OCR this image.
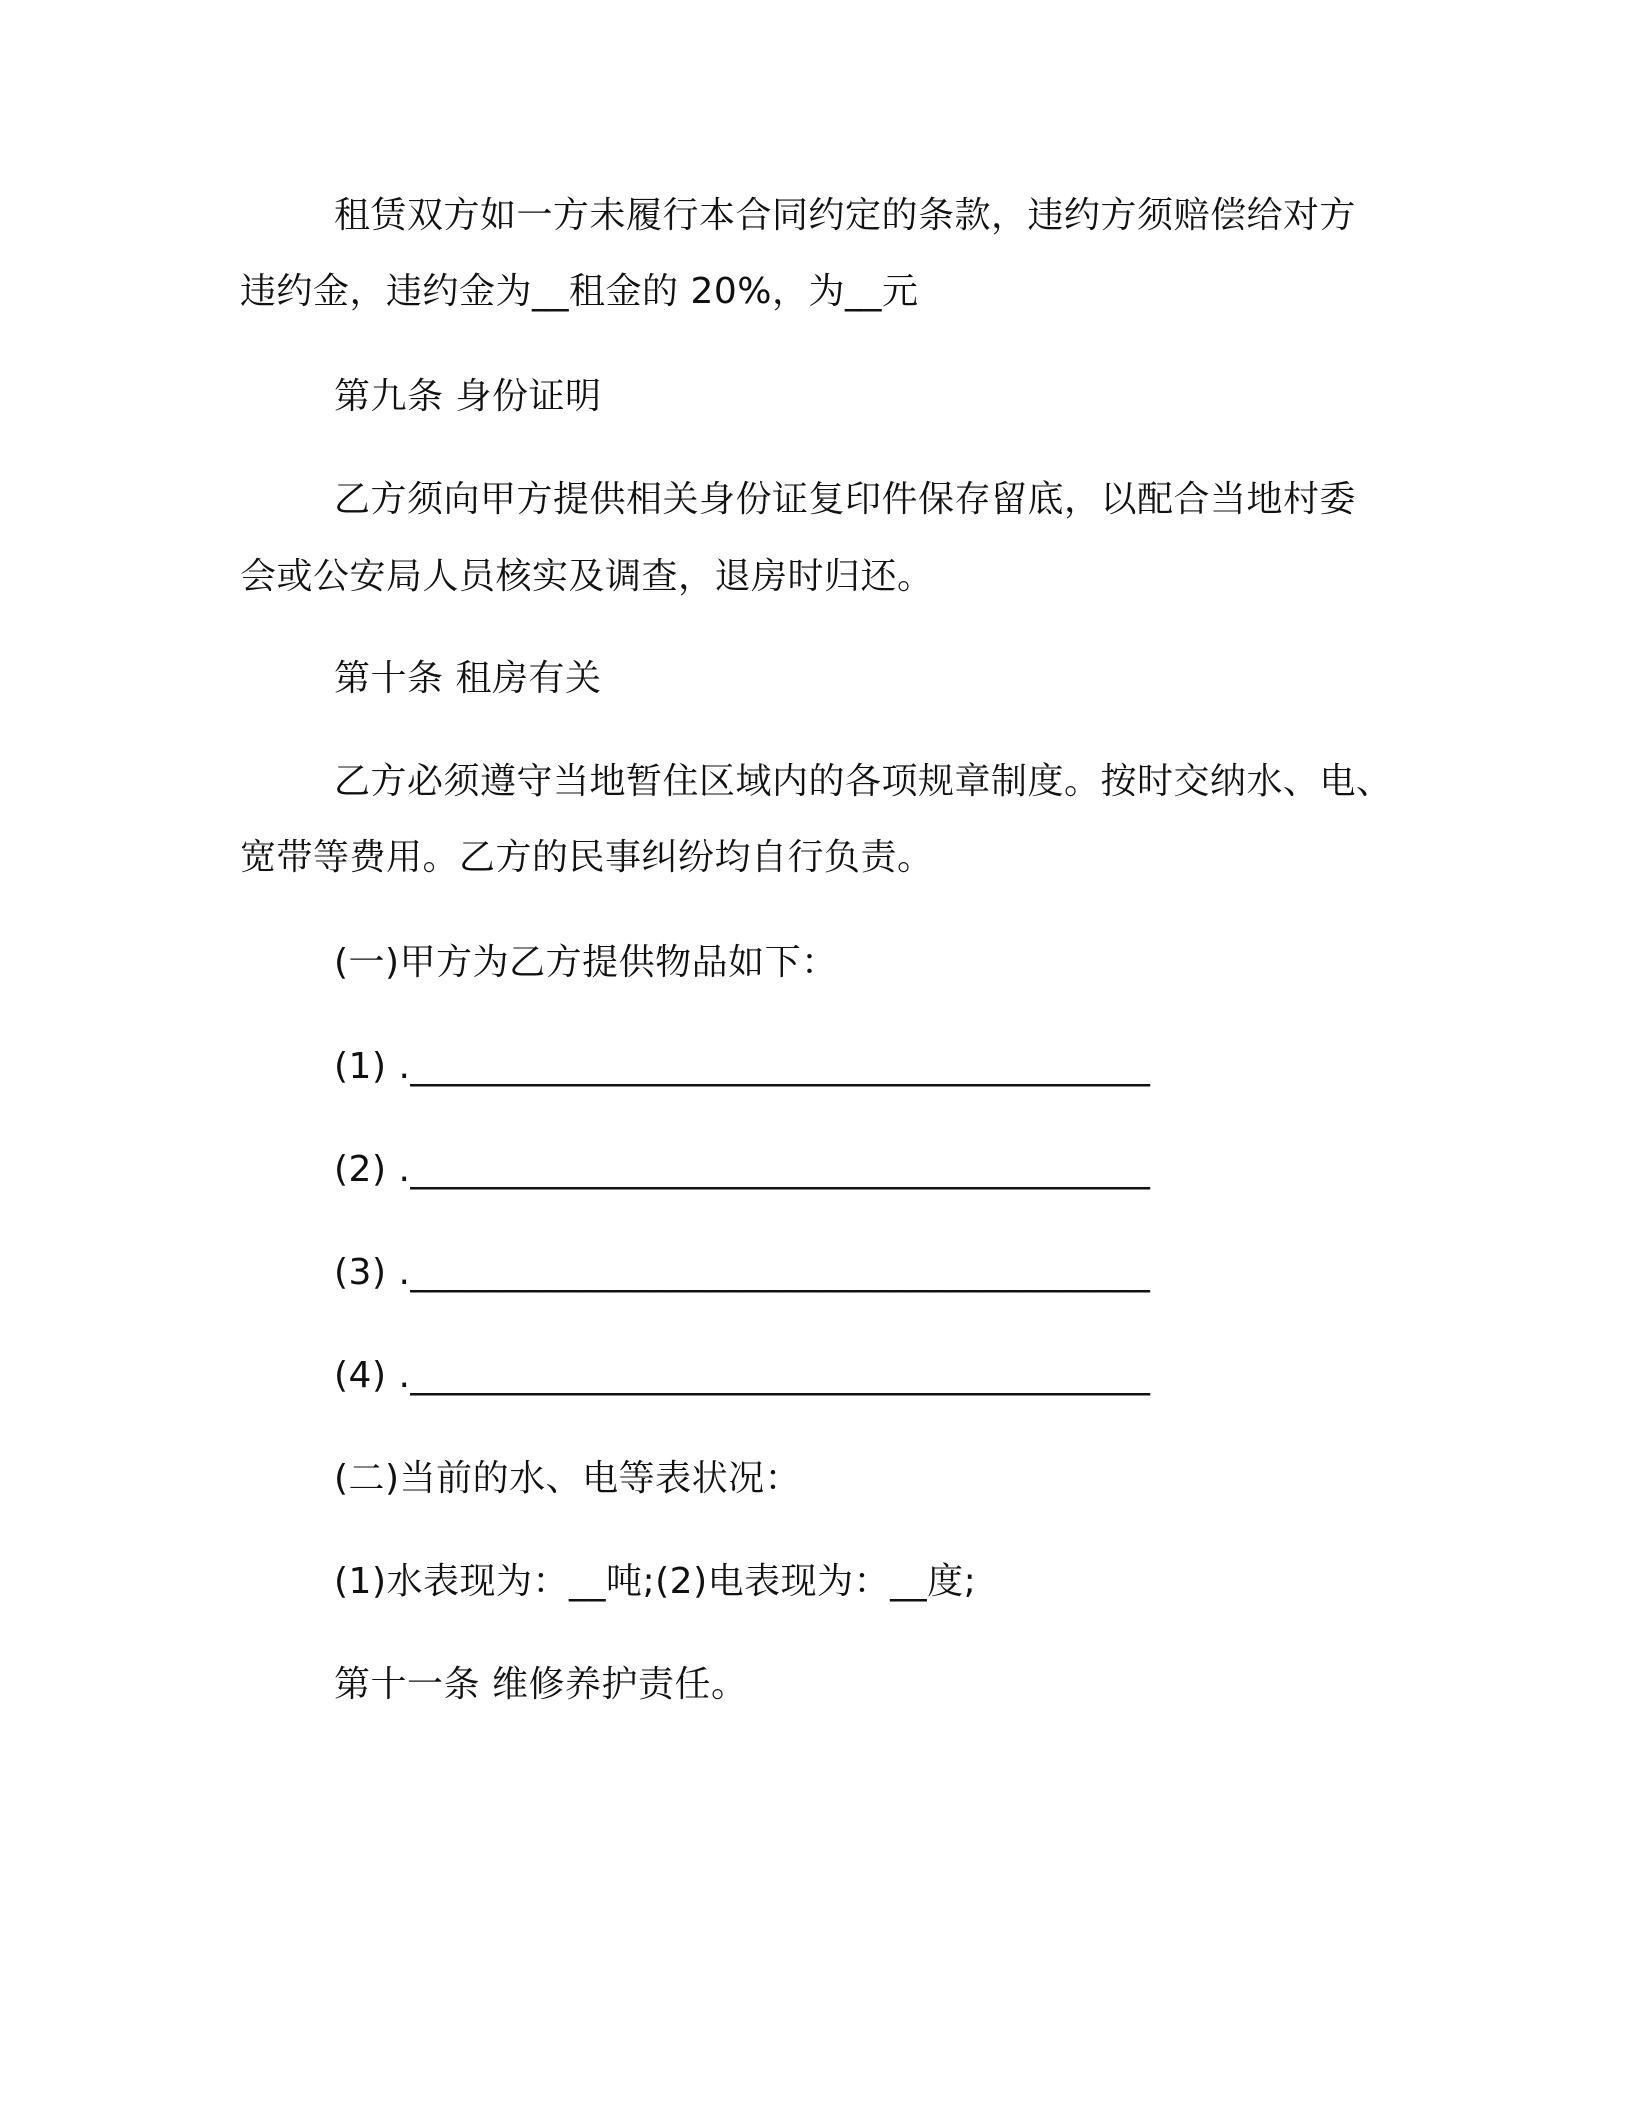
租赁双方如一方未履行本合同约定的条款，违约方须赔偿给对方
违约金，违约金为__租金的 20%，为__元
第九条 身份证明
乙方须向甲方提供相关身份证复印件保存留底，以配合当地村委
会或公安局人员核实及调查，退房时归还。
第十条 租房有关
乙方必须遵守当地暂住区域内的各项规章制度。按时交纳水、电、
宽带等费用。乙方的民事纠纷均自行负责。
(一)甲方为乙方提供物品如下：
(1) .________________________________________
(2) .________________________________________
(3) .________________________________________
(4) .________________________________________
(二)当前的水、电等表状况：
(1)水表现为：__吨;(2)电表现为：__度;
第十一条 维修养护责任。
